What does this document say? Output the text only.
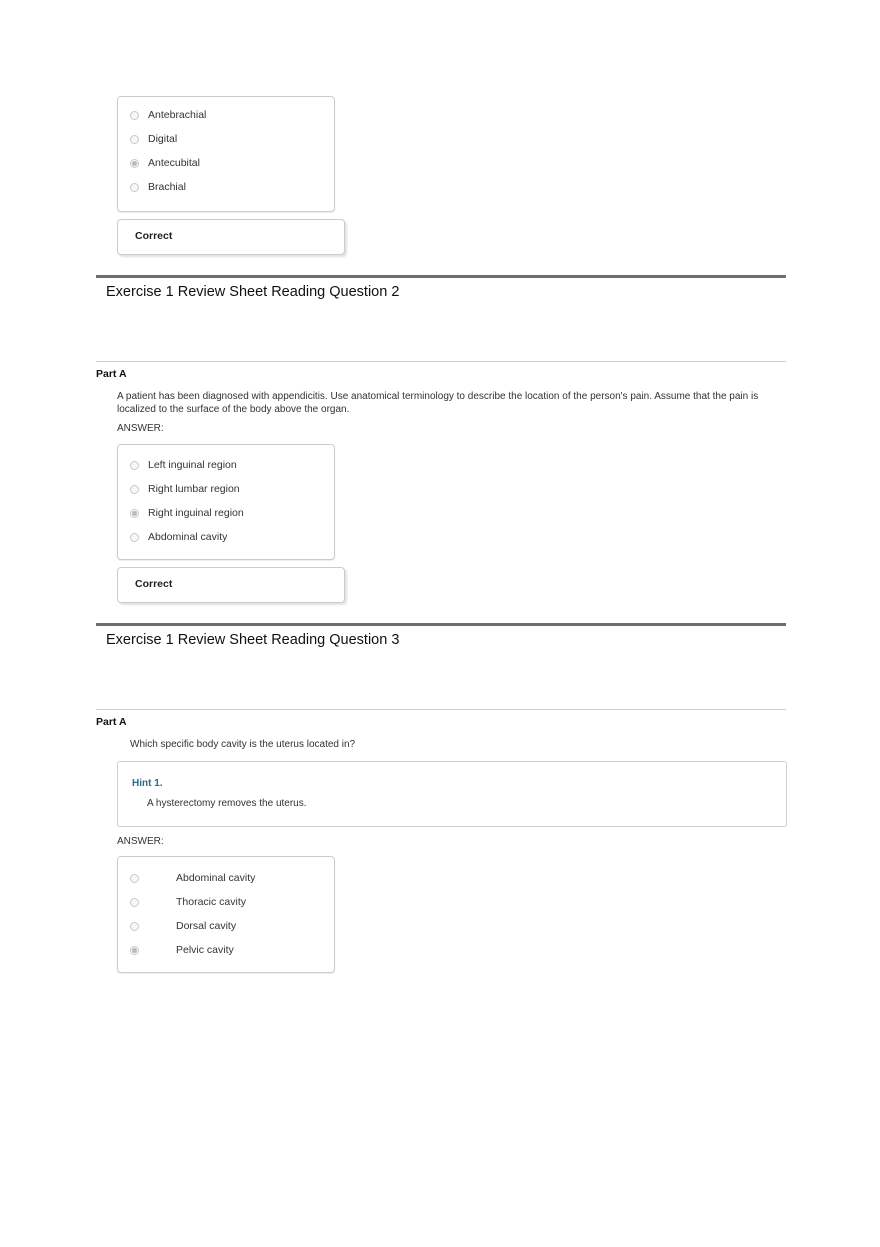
Antebrachial
Digital
Antecubital
Brachial
Correct
Exercise 1 Review Sheet Reading Question 2
Part A
A patient has been diagnosed with appendicitis. Use anatomical terminology to describe the location of the person's pain. Assume that the pain is localized to the surface of the body above the organ.
ANSWER:
Left inguinal region
Right lumbar region
Right inguinal region
Abdominal cavity
Correct
Exercise 1 Review Sheet Reading Question 3
Part A
Which specific body cavity is the uterus located in?
Hint 1.
A hysterectomy removes the uterus.
ANSWER:
Abdominal cavity
Thoracic cavity
Dorsal cavity
Pelvic cavity
